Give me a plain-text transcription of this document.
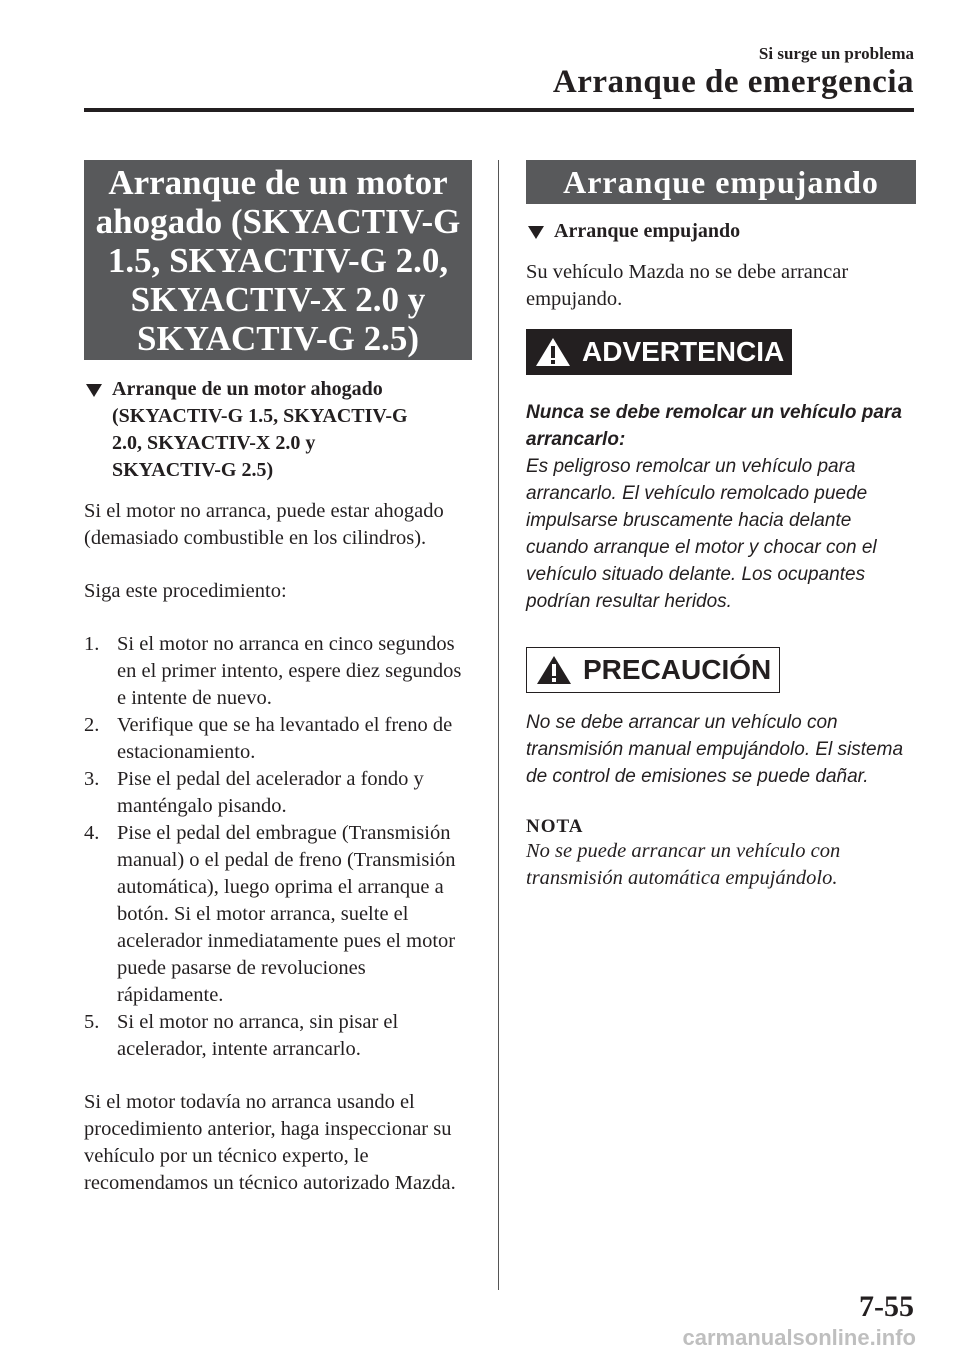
Si surge un problema
Arranque de emergencia
Arranque de un motor
ahogado (SKYACTIV-G
1.5, SKYACTIV-G 2.0,
SKYACTIV-X 2.0 y
SKYACTIV-G 2.5)
Arranque de un motor ahogado
(SKYACTIV-G 1.5, SKYACTIV-G
2.0, SKYACTIV-X 2.0 y
SKYACTIV-G 2.5)

Si el motor no arranca, puede estar ahogado (demasiado combustible en los cilindros).

Siga este procedimiento:

1. Si el motor no arranca en cinco segundos en el primer intento, espere diez segundos e intente de nuevo.
2. Verifique que se ha levantado el freno de estacionamiento.
3. Pise el pedal del acelerador a fondo y manténgalo pisando.
4. Pise el pedal del embrague (Transmisión manual) o el pedal de freno (Transmisión automática), luego oprima el arranque a botón. Si el motor arranca, suelte el acelerador inmediatamente pues el motor puede pasarse de revoluciones rápidamente.
5. Si el motor no arranca, sin pisar el acelerador, intente arrancarlo.

Si el motor todavía no arranca usando el procedimiento anterior, haga inspeccionar su vehículo por un técnico experto, le recomendamos un técnico autorizado Mazda.

Arranque empujando
Arranque empujando

Su vehículo Mazda no se debe arrancar empujando.

ADVERTENCIA
Nunca se debe remolcar un vehículo para arrancarlo:
Es peligroso remolcar un vehículo para arrancarlo. El vehículo remolcado puede impulsarse bruscamente hacia delante cuando arranque el motor y chocar con el vehículo situado delante. Los ocupantes podrían resultar heridos.
PRECAUCIÓN
No se debe arrancar un vehículo con transmisión manual empujándolo. El sistema de control de emisiones se puede dañar.
NOTA
No se puede arrancar un vehículo con transmisión automática empujándolo.
7-55
carmanualsonline.info
